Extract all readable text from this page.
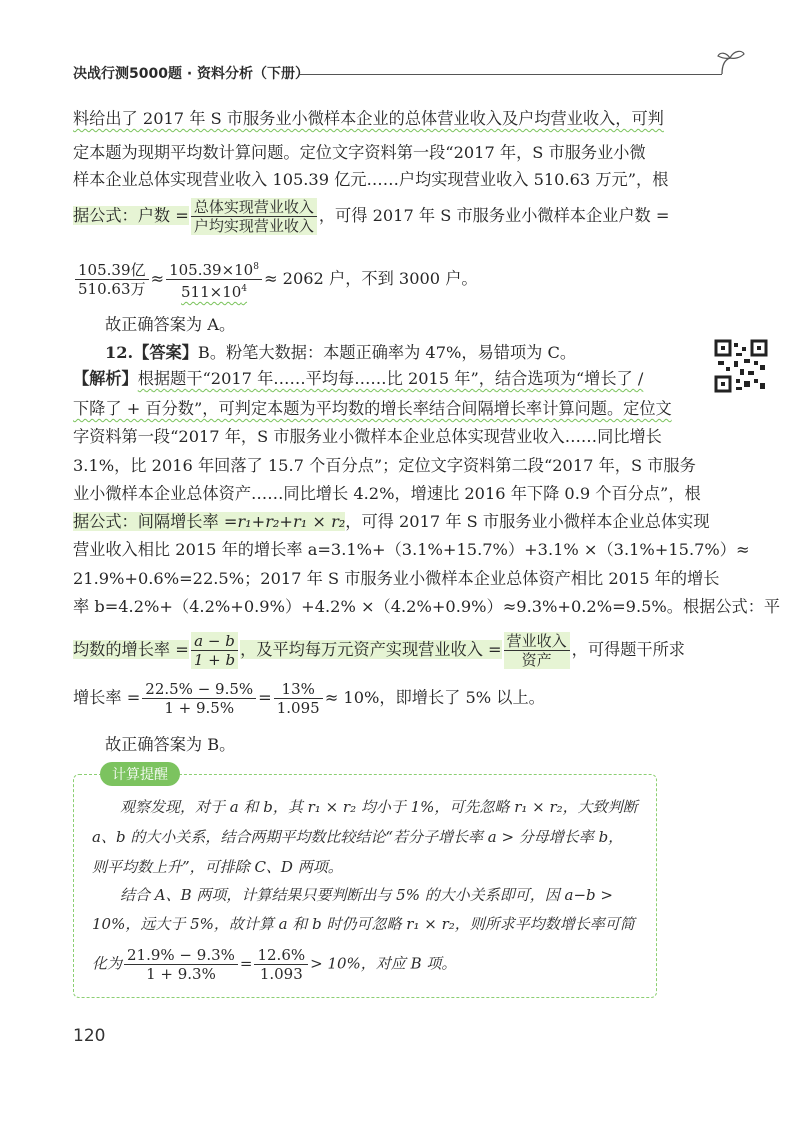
决战行测5000题 · 资料分析（下册）
料给出了 2017 年 S 市服务业小微样本企业的总体营业收入及户均营业收入，可判
定本题为现期平均数计算问题。定位文字资料第一段“2017 年，S 市服务业小微
样本企业总体实现营业收入 105.39 亿元……户均实现营业收入 510.63 万元”，根
据公式：户数 = $\frac{\text{总体实现营业收入}}{\text{户均实现营业收入}}$ ，可得 2017 年 S 市服务业小微样本企业户数 =
$\frac{\text{105.39亿}}{\text{510.63万}} \approx \frac{105.39\times 10^8}{511\times 10^4} \approx 2062$ 户，不到 3000 户。
故正确答案为 A。
12.【答案】B。粉笔大数据：本题正确率为 47%，易错项为 C。
【解析】根据题干“2017 年……平均每……比 2015 年”，结合选项为“增长了 /
下降了 + 百分数”，可判定本题为平均数的增长率结合间隔增长率计算问题。定位文
字资料第一段“2017 年，S 市服务业小微样本企业总体实现营业收入……同比增长
3.1%，比 2016 年回落了 15.7 个百分点”；定位文字资料第二段“2017 年，S 市服务
业小微样本企业总体资产……同比增长 4.2%，增速比 2016 年下降 0.9 个百分点”，根
据公式：间隔增长率 =r₁+r₂+r₁ × r₂，可得 2017 年 S 市服务业小微样本企业总体实现
营业收入相比 2015 年的增长率 a=3.1%+（3.1%+15.7%）+3.1% ×（3.1%+15.7%）≈
21.9%+0.6%=22.5%；2017 年 S 市服务业小微样本企业总体资产相比 2015 年的增长
率 b=4.2%+（4.2%+0.9%）+4.2% ×（4.2%+0.9%）≈9.3%+0.2%=9.5%。根据公式：平
均数的增长率 = $\frac{a - b}{1 + b}$ ，及平均每万元资产实现营业收入 = $\frac{\text{营业收入}}{\text{资产}}$ ，可得题干所求
增长率 = $\frac{22.5\% - 9.5\%}{1 + 9.5\%} = \frac{13\%}{1.095} \approx 10\%$，即增长了 5% 以上。
故正确答案为 B。
计算提醒
观察发现，对于 a 和 b，其 r₁ × r₂ 均小于 1%，可先忽略 r₁ × r₂，大致判断
a、b 的大小关系，结合两期平均数比较结论“若分子增长率 a > 分母增长率 b，
则平均数上升”，可排除 C、D 两项。
结合 A、B 两项，计算结果只要判断出与 5% 的大小关系即可，因 a−b >
10%，远大于 5%，故计算 a 和 b 时仍可忽略 r₁ × r₂，则所求平均数增长率可简
化为 $\frac{21.9\% - 9.3\%}{1 + 9.3\%} = \frac{12.6\%}{1.093} > 10\%$，对应 B 项。
120
